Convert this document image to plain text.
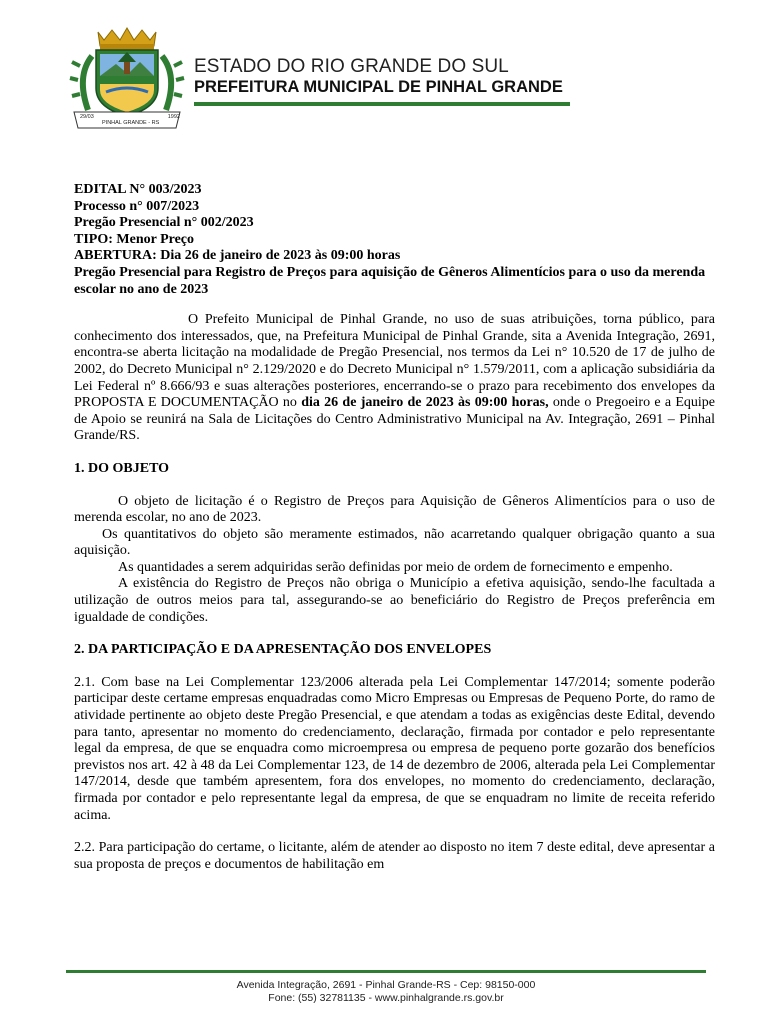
29/03	1992
PINHAL GRANDE - RS
ESTADO DO RIO GRANDE DO SUL
PREFEITURA MUNICIPAL DE PINHAL GRANDE
EDITAL N° 003/2023
Processo n° 007/2023
Pregão Presencial n° 002/2023
TIPO: Menor Preço
ABERTURA: Dia 26 de janeiro de 2023 às 09:00 horas
Pregão Presencial para Registro de Preços para aquisição de Gêneros Alimentícios para o uso da merenda escolar no ano de 2023

O Prefeito Municipal de Pinhal Grande, no uso de suas atribuições, torna público, para conhecimento dos interessados, que, na Prefeitura Municipal de Pinhal Grande, sita a Avenida Integração, 2691, encontra-se aberta licitação na modalidade de Pregão Presencial, nos termos da Lei n° 10.520 de 17 de julho de 2002, do Decreto Municipal n° 2.129/2020 e do Decreto Municipal n° 1.579/2011, com a aplicação subsidiária da Lei Federal nº 8.666/93 e suas alterações posteriores, encerrando-se o prazo para recebimento dos envelopes da PROPOSTA E DOCUMENTAÇÃO no dia 26 de janeiro de 2023 às 09:00 horas, onde o Pregoeiro e a Equipe de Apoio se reunirá na Sala de Licitações do Centro Administrativo Municipal na Av. Integração, 2691 – Pinhal Grande/RS.

1. DO OBJETO

O objeto de licitação é o Registro de Preços para Aquisição de Gêneros Alimentícios para o uso de merenda escolar, no ano de 2023.

Os quantitativos do objeto são meramente estimados, não acarretando qualquer obrigação quanto a sua aquisição.

As quantidades a serem adquiridas serão definidas por meio de ordem de fornecimento e empenho.

A existência do Registro de Preços não obriga o Município a efetiva aquisição, sendo-lhe facultada a utilização de outros meios para tal, assegurando-se ao beneficiário do Registro de Preços preferência em igualdade de condições.

2. DA PARTICIPAÇÃO E DA APRESENTAÇÃO DOS ENVELOPES

2.1. Com base na Lei Complementar 123/2006 alterada pela Lei Complementar 147/2014; somente poderão participar deste certame empresas enquadradas como Micro Empresas ou Empresas de Pequeno Porte, do ramo de atividade pertinente ao objeto deste Pregão Presencial, e que atendam a todas as exigências deste Edital, devendo para tanto, apresentar no momento do credenciamento, declaração, firmada por contador e pelo representante legal da empresa, de que se enquadra como microempresa ou empresa de pequeno porte gozarão dos benefícios previstos nos art. 42 à 48 da Lei Complementar 123, de 14 de dezembro de 2006, alterada pela Lei Complementar 147/2014, desde que também apresentem, fora dos envelopes, no momento do credenciamento, declaração, firmada por contador e pelo representante legal da empresa, de que se enquadram no limite de receita referido acima.

2.2. Para participação do certame, o licitante, além de atender ao disposto no item 7 deste edital, deve apresentar a sua proposta de preços e documentos de habilitação em

Avenida Integração, 2691 - Pinhal Grande-RS - Cep: 98150-000
Fone: (55) 32781135 - www.pinhalgrande.rs.gov.br
